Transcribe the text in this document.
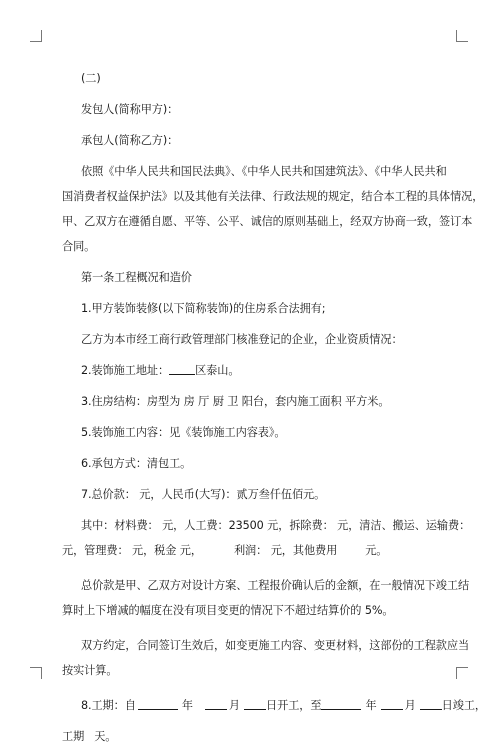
(二)
发包人(简称甲方)：
承包人(简称乙方)：
依照《中华人民共和国民法典》、《中华人民共和国建筑法》、《中华人民共和
国消费者权益保护法》以及其他有关法律、行政法规的规定，结合本工程的具体情况，
甲、乙双方在遵循自愿、平等、公平、诚信的原则基础上，经双方协商一致，签订本
合同。
第一条工程概况和造价
1.甲方装饰装修(以下简称装饰)的住房系合法拥有;
乙方为本市经工商行政管理部门核准登记的企业，企业资质情况：
2.装饰施工地址： 区泰山。
3.住房结构：房型为 房 厅 厨 卫 阳台，套内施工面积 平方米。
5.装饰施工内容：见《装饰施工内容表》。
6.承包方式：清包工。
7.总价款： 元，人民币(大写)：贰万叁仟伍佰元。
其中：材料费： 元，人工费：23500 元，拆除费： 元，清洁、搬运、运输费：
元，管理费： 元，税金 元，	利润： 元，其他费用	元。
总价款是甲、乙双方对设计方案、工程报价确认后的金额，在一般情况下竣工结
算时上下增减的幅度在没有项目变更的情况下不超过结算价的 5%。
双方约定，合同签订生效后，如变更施工内容、变更材料，这部份的工程款应当
按实计算。
8.工期：自	年	月 日开工，至	年	月 日竣工，
工期 天。
